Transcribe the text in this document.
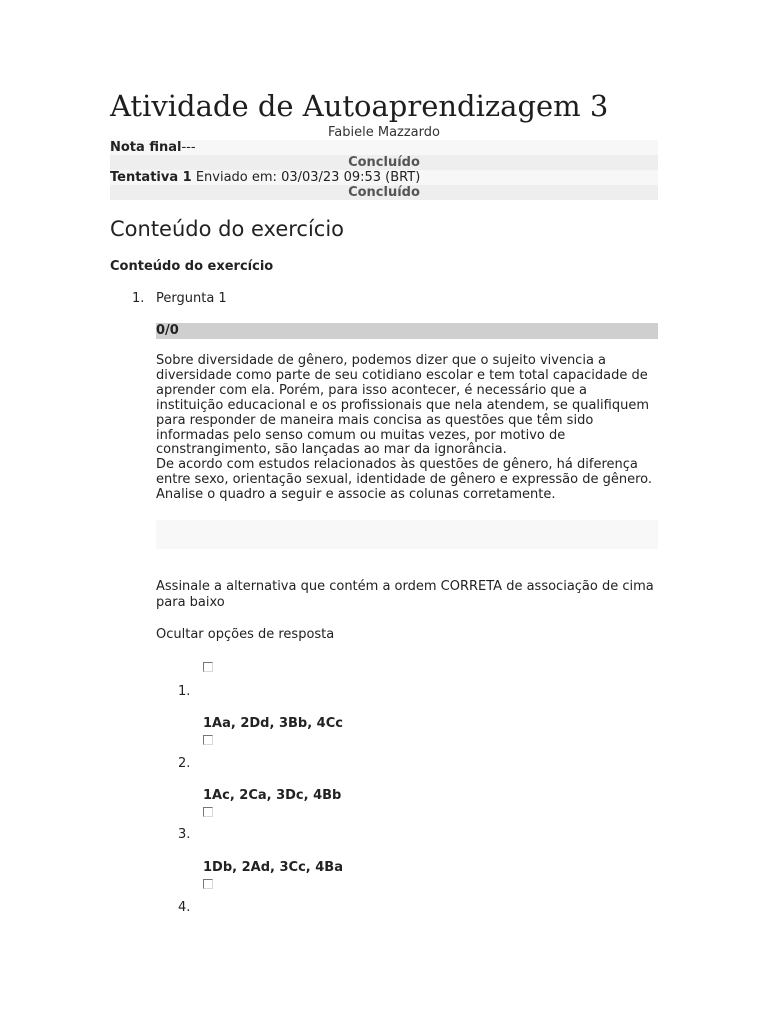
Atividade de Autoaprendizagem 3
Fabiele Mazzardo
Nota final---
Concluído
Tentativa 1 Enviado em: 03/03/23 09:53 (BRT)
Concluído
Conteúdo do exercício
Conteúdo do exercício
1. Pergunta 1
0/0

Sobre diversidade de gênero, podemos dizer que o sujeito vivencia a diversidade como parte de seu cotidiano escolar e tem total capacidade de aprender com ela. Porém, para isso acontecer, é necessário que a instituição educacional e os profissionais que nela atendem, se qualifiquem para responder de maneira mais concisa as questões que têm sido informadas pelo senso comum ou muitas vezes, por motivo de constrangimento, são lançadas ao mar da ignorância.

De acordo com estudos relacionados às questões de gênero, há diferença entre sexo, orientação sexual, identidade de gênero e expressão de gênero.

Analise o quadro a seguir e associe as colunas corretamente.

Assinale a alternativa que contém a ordem CORRETA de associação de cima para baixo
Ocultar opções de resposta
1.
1Aa, 2Dd, 3Bb, 4Cc
2.
1Ac, 2Ca, 3Dc, 4Bb
3.
1Db, 2Ad, 3Cc, 4Ba
4.
